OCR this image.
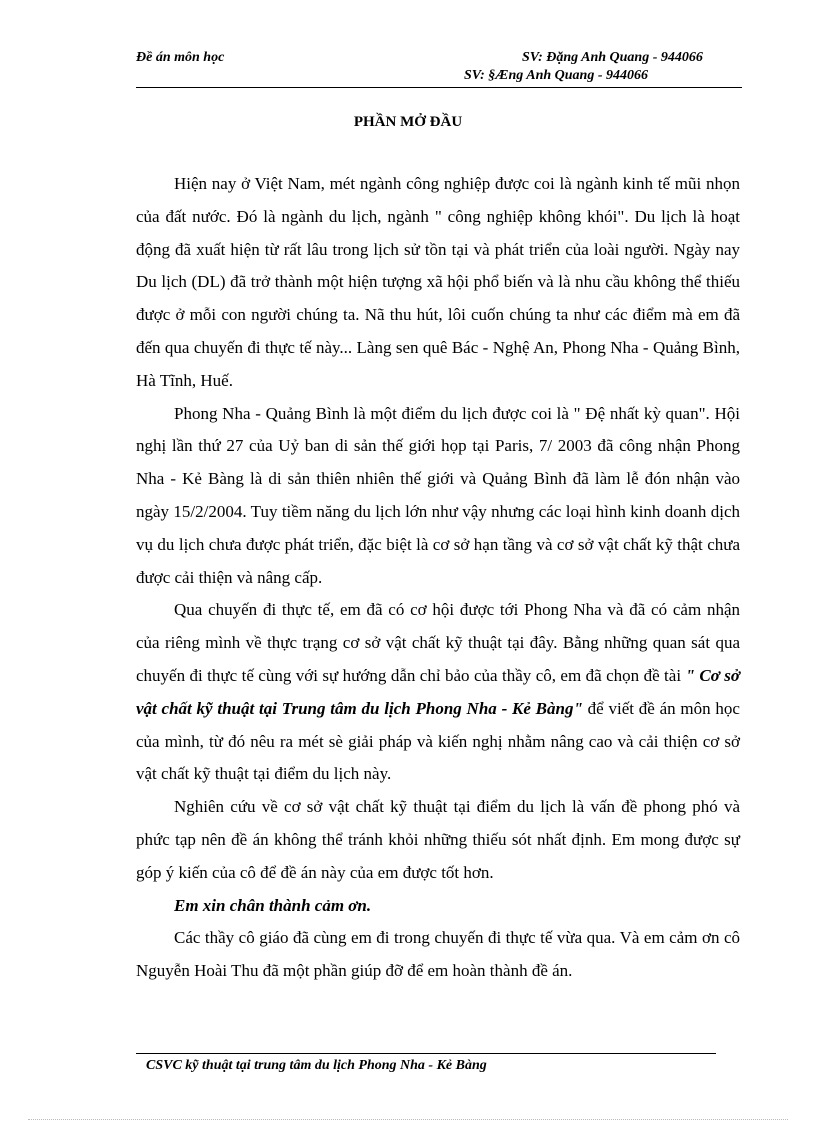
Đề án môn học	SV: Đặng Anh Quang - 944066
SV: §Æng Anh Quang - 944066
PHẦN MỞ ĐẦU

Hiện nay ở Việt Nam, mét ngành công nghiệp được coi là ngành kinh tế mũi nhọn của đất nước. Đó là ngành du lịch, ngành " công nghiệp không khói". Du lịch là hoạt động đã xuất hiện từ rất lâu trong lịch sử tồn tại và phát triển của loài người. Ngày nay Du lịch (DL) đã trở thành một hiện tượng xã hội phổ biến và là nhu cầu không thể thiếu được ở mỗi con người chúng ta. Nã thu hút, lôi cuốn chúng ta như các điểm mà em đã đến qua chuyến đi thực tế này... Làng sen quê Bác - Nghệ An, Phong Nha - Quảng Bình, Hà Tĩnh, Huế.

Phong Nha - Quảng Bình là một điểm du lịch được coi là " Đệ nhất kỳ quan". Hội nghị lần thứ 27 của Uỷ ban di sản thế giới họp tại Paris, 7/ 2003 đã công nhận Phong Nha - Kẻ Bàng là di sản thiên nhiên thế giới và Quảng Bình đã làm lễ đón nhận vào ngày 15/2/2004. Tuy tiềm năng du lịch lớn như vậy nhưng các loại hình kinh doanh dịch vụ du lịch chưa được phát triển, đặc biệt là cơ sở hạn tầng và cơ sở vật chất kỹ thật chưa được cải thiện và nâng cấp.

Qua chuyến đi thực tế, em đã có cơ hội được tới Phong Nha và đã có cảm nhận của riêng mình về thực trạng cơ sở vật chất kỹ thuật tại đây. Bằng những quan sát qua chuyến đi thực tế cùng với sự hướng dẫn chỉ bảo của thầy cô, em đã chọn đề tài " Cơ sở vật chất kỹ thuật tại Trung tâm du lịch Phong Nha - Kẻ Bàng" để viết đề án môn học của mình, từ đó nêu ra mét sè giải pháp và kiến nghị nhằm nâng cao và cải thiện cơ sở vật chất kỹ thuật tại điểm du lịch này.

Nghiên cứu về cơ sở vật chất kỹ thuật tại điểm du lịch là vấn đề phong phó và phức tạp nên đề án không thể tránh khỏi những thiếu sót nhất định. Em mong được sự góp ý kiến của cô để đề án này của em được tốt hơn.

Em xin chân thành cảm ơn.

Các thầy cô giáo đã cùng em đi trong chuyến đi thực tế vừa qua. Và em cảm ơn cô Nguyễn Hoài Thu đã một phần giúp đỡ để em hoàn thành đề án.

CSVC kỹ thuật tại trung tâm du lịch Phong Nha - Kẻ Bàng
